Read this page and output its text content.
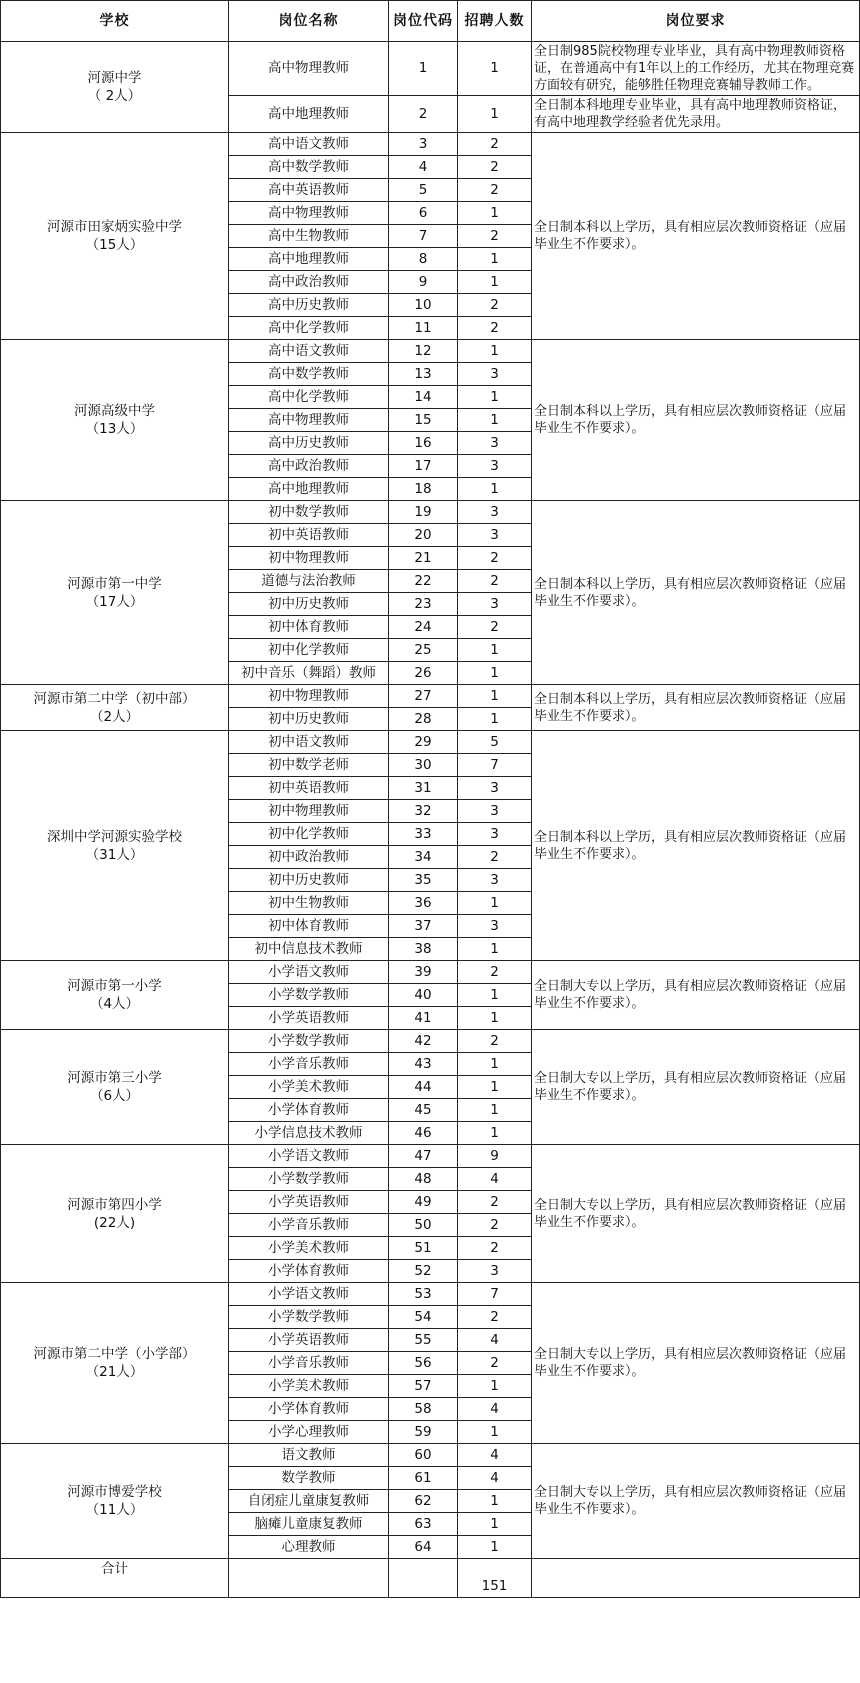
学校	岗位名称	岗位代码	招聘人数	岗位要求
河源中学
（ 2人）	高中物理教师	1	1	全日制985院校物理专业毕业，具有高中物理教师资格证，在普通高中有1年以上的工作经历，尤其在物理竞赛方面较有研究，能够胜任物理竞赛辅导教师工作。
	高中地理教师	2	1	全日制本科地理专业毕业，具有高中地理教师资格证，有高中地理教学经验者优先录用。
河源市田家炳实验中学
（15人）	高中语文教师	3	2	全日制本科以上学历，具有相应层次教师资格证（应届毕业生不作要求）。
	高中数学教师	4	2	
	高中英语教师	5	2	
	高中物理教师	6	1	
	高中生物教师	7	2	
	高中地理教师	8	1	
	高中政治教师	9	1	
	高中历史教师	10	2	
	高中化学教师	11	2	
河源高级中学
（13人）	高中语文教师	12	1	全日制本科以上学历，具有相应层次教师资格证（应届毕业生不作要求）。
	高中数学教师	13	3	
	高中化学教师	14	1	
	高中物理教师	15	1	
	高中历史教师	16	3	
	高中政治教师	17	3	
	高中地理教师	18	1	
河源市第一中学
（17人）	初中数学教师	19	3	全日制本科以上学历，具有相应层次教师资格证（应届毕业生不作要求）。
	初中英语教师	20	3	
	初中物理教师	21	2	
	道德与法治教师	22	2	
	初中历史教师	23	3	
	初中体育教师	24	2	
	初中化学教师	25	1	
	初中音乐（舞蹈）教师	26	1	
河源市第二中学（初中部）
（2人）	初中物理教师	27	1	全日制本科以上学历，具有相应层次教师资格证（应届毕业生不作要求）。
	初中历史教师	28	1	
深圳中学河源实验学校
（31人）	初中语文教师	29	5	全日制本科以上学历，具有相应层次教师资格证（应届毕业生不作要求）。
	初中数学老师	30	7	
	初中英语教师	31	3	
	初中物理教师	32	3	
	初中化学教师	33	3	
	初中政治教师	34	2	
	初中历史教师	35	3	
	初中生物教师	36	1	
	初中体育教师	37	3	
	初中信息技术教师	38	1	
河源市第一小学
（4人）	小学语文教师	39	2	全日制大专以上学历，具有相应层次教师资格证（应届毕业生不作要求）。
	小学数学教师	40	1	
	小学英语教师	41	1	
河源市第三小学
（6人）	小学数学教师	42	2	全日制大专以上学历，具有相应层次教师资格证（应届毕业生不作要求）。
	小学音乐教师	43	1	
	小学美术教师	44	1	
	小学体育教师	45	1	
	小学信息技术教师	46	1	
河源市第四小学
(22人)	小学语文教师	47	9	全日制大专以上学历，具有相应层次教师资格证（应届毕业生不作要求）。
	小学数学教师	48	4	
	小学英语教师	49	2	
	小学音乐教师	50	2	
	小学美术教师	51	2	
	小学体育教师	52	3	
河源市第二中学（小学部）
（21人）	小学语文教师	53	7	全日制大专以上学历，具有相应层次教师资格证（应届毕业生不作要求）。
	小学数学教师	54	2	
	小学英语教师	55	4	
	小学音乐教师	56	2	
	小学美术教师	57	1	
	小学体育教师	58	4	
	小学心理教师	59	1	
河源市博爱学校
（11人）	语文教师	60	4	全日制大专以上学历，具有相应层次教师资格证（应届毕业生不作要求）。
	数学教师	61	4	
	自闭症儿童康复教师	62	1	
	脑瘫儿童康复教师	63	1	
	心理教师	64	1	
合计			151	
